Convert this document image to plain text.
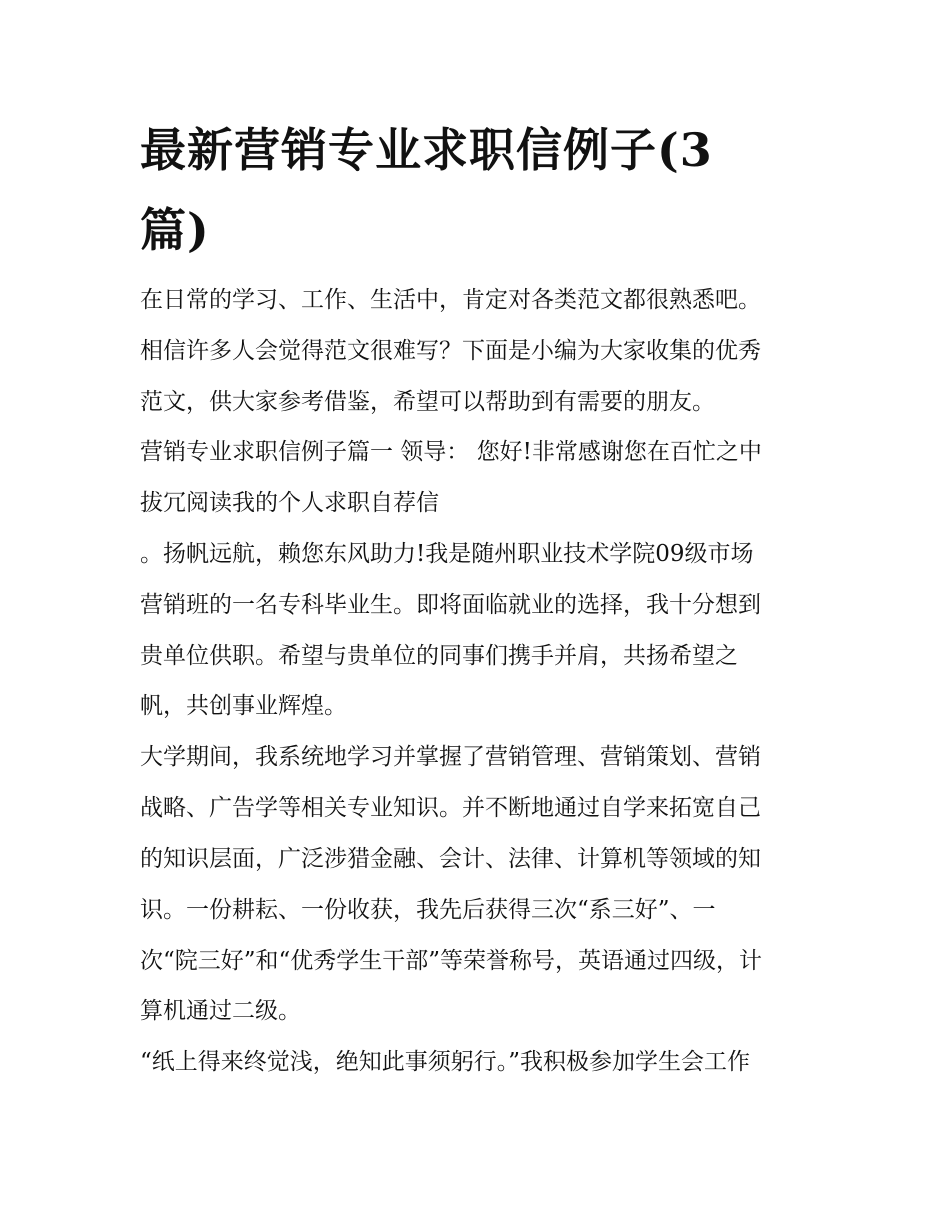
最新营销专业求职信例子(3篇)

在日常的学习、工作、生活中，肯定对各类范文都很熟悉吧。

相信许多人会觉得范文很难写？下面是小编为大家收集的优秀

范文，供大家参考借鉴，希望可以帮助到有需要的朋友。

营销专业求职信例子篇一 领导： 您好!非常感谢您在百忙之中

拔冗阅读我的个人求职自荐信

。扬帆远航，赖您东风助力!我是随州职业技术学院09级市场

营销班的一名专科毕业生。即将面临就业的选择，我十分想到

贵单位供职。希望与贵单位的同事们携手并肩，共扬希望之

帆，共创事业辉煌。

大学期间，我系统地学习并掌握了营销管理、营销策划、营销

战略、广告学等相关专业知识。并不断地通过自学来拓宽自己

的知识层面，广泛涉猎金融、会计、法律、计算机等领域的知

识。一份耕耘、一份收获，我先后获得三次“系三好”、一

次“院三好”和“优秀学生干部”等荣誉称号，英语通过四级，计

算机通过二级。

“纸上得来终觉浅，绝知此事须躬行。”我积极参加学生会工作
